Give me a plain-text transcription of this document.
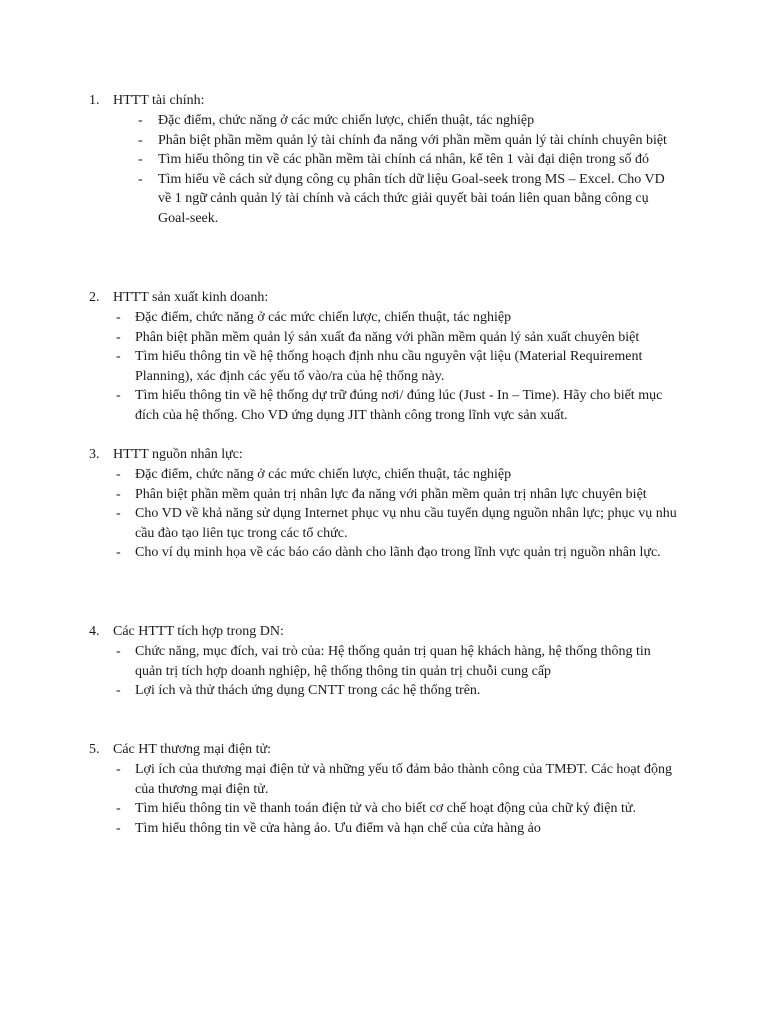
1. HTTT tài chính:
- Đặc điểm, chức năng ở các mức chiến lược, chiến thuật, tác nghiệp
- Phân biệt phần mềm quản lý tài chính đa năng với phần mềm quản lý tài chính chuyên biệt
- Tìm hiểu thông tin về các phần mềm tài chính cá nhân, kể tên 1 vài đại diện trong số đó
- Tìm hiểu về cách sử dụng công cụ phân tích dữ liệu Goal-seek trong MS – Excel. Cho VD về 1 ngữ cảnh quản lý tài chính và cách thức giải quyết bài toán liên quan bằng công cụ Goal-seek.
2. HTTT sản xuất kinh doanh:
- Đặc điểm, chức năng ở các mức chiến lược, chiến thuật, tác nghiệp
- Phân biệt phần mềm quản lý sản xuất đa năng với phần mềm quản lý sản xuất chuyên biệt
- Tìm hiểu thông tin về hệ thống hoạch định nhu cầu nguyên vật liệu (Material Requirement Planning), xác định các yếu tố vào/ra của hệ thống này.
- Tìm hiểu thông tin về hệ thống dự trữ đúng nơi/ đúng lúc (Just - In – Time). Hãy cho biết mục đích của hệ thống. Cho VD ứng dụng JIT thành công trong lĩnh vực sản xuất.
3. HTTT nguồn nhân lực:
- Đặc điểm, chức năng ở các mức chiến lược, chiến thuật, tác nghiệp
- Phân biệt phần mềm quản trị nhân lực đa năng với phần mềm quản trị nhân lực chuyên biệt
- Cho VD về khả năng sử dụng Internet phục vụ nhu cầu tuyển dụng nguồn nhân lực; phục vụ nhu cầu đào tạo liên tục trong các tổ chức.
- Cho ví dụ minh họa về các báo cáo dành cho lãnh đạo trong lĩnh vực quản trị nguồn nhân lực.
4. Các HTTT tích hợp trong DN:
- Chức năng, mục đích, vai trò của: Hệ thống quản trị quan hệ khách hàng, hệ thống thông tin quản trị tích hợp doanh nghiệp, hệ thống thông tin quản trị chuỗi cung cấp
- Lợi ích và thử thách ứng dụng CNTT trong các hệ thống trên.
5. Các HT thương mại điện tử:
- Lợi ích của thương mại điện tử và những yếu tố đảm bảo thành công của TMĐT. Các hoạt động của thương mại điện tử.
- Tìm hiểu thông tin về thanh toán điện tử và cho biết cơ chế hoạt động của chữ ký điện tử.
- Tìm hiểu thông tin về cửa hàng ảo. Ưu điểm và hạn chế của cửa hàng ảo
